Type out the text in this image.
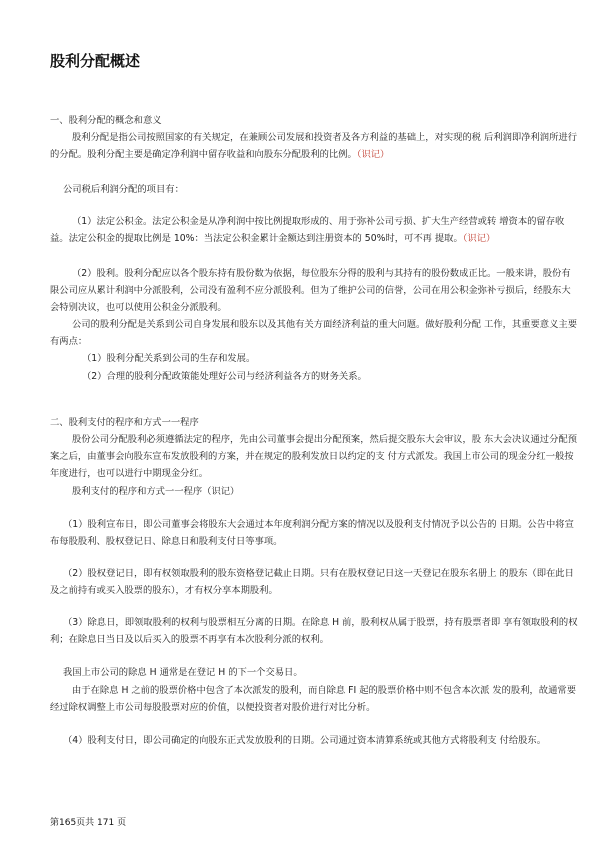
股利分配概述

一、股利分配的概念和意义

股利分配是指公司按照国家的有关规定，在兼顾公司发展和投资者及各方利益的基础上，对实现的税 后利润即净利润所进行的分配。股利分配主要是确定净利润中留存收益和向股东分配股利的比例。（识记）

公司税后利润分配的项目有：

（1）法定公积金。法定公积金是从净利润中按比例提取形成的、用于弥补公司亏损、扩大生产经营或转 增资本的留存收益。法定公积金的提取比例是 10%：当法定公积金累计金额达到注册资本的 50%时，可不再 提取。（识记）

（2）股利。股利分配应以各个股东持有股份数为依据，每位股东分得的股利与其持有的股份数成正比。一般来讲，股份有限公司应从累计利润中分派股利，公司没有盈利不应分派股利。但为了维护公司的信誉，公司在用公积金弥补亏损后，经股东大会特别决议，也可以使用公积金分派股利。

公司的股利分配是关系到公司自身发展和股东以及其他有关方面经济利益的重大问题。做好股利分配 工作，其重要意义主要有两点：

（1）股利分配关系到公司的生存和发展。

（2）合理的股利分配政策能处理好公司与经济利益各方的财务关系。

二、股利支付的程序和方式一一程序

股份公司分配股利必须遵循法定的程序，先由公司董事会提出分配预案，然后提交股东大会审议，股 东大会决议通过分配预案之后，由董事会向股东宣布发放股利的方案，并在规定的股利发放日以约定的支 付方式派发。我国上市公司的现金分红一般按年度进行，也可以进行中期现金分红。

股利支付的程序和方式一一程序（识记）

（1）股利宣布日，即公司董事会将股东大会通过本年度利润分配方案的情况以及股利支付情况予以公告的 日期。公告中将宣布每股股利、股权登记日、除息日和股利支付日等事项。

（2）股权登记日，即有权领取股利的股东资格登记截止日期。只有在股权登记日这一天登记在股东名册上 的股东（即在此日及之前持有或买入股票的股东），才有权分享本期股利。

（3）除息日，即领取股利的权利与股票相互分离的日期。在除息 H 前，股利权从属于股票，持有股票者即 享有领取股利的权利；在除息日当日及以后买入的股票不再享有本次股利分派的权利。

我国上市公司的除息 H 通常是在登记 H 的下一个交易日。

由于在除息 H 之前的股票价格中包含了本次派发的股利，而自除息 FI 起的股票价格中则不包含本次派 发的股利，故通常要经过除权调整上市公司每股股票对应的价值，以便投资者对股价进行对比分析。

（4）股利支付日，即公司确定的向股东正式发放股利的日期。公司通过资本清算系统或其他方式将股利支 付给股东。

第165页共 171 页
